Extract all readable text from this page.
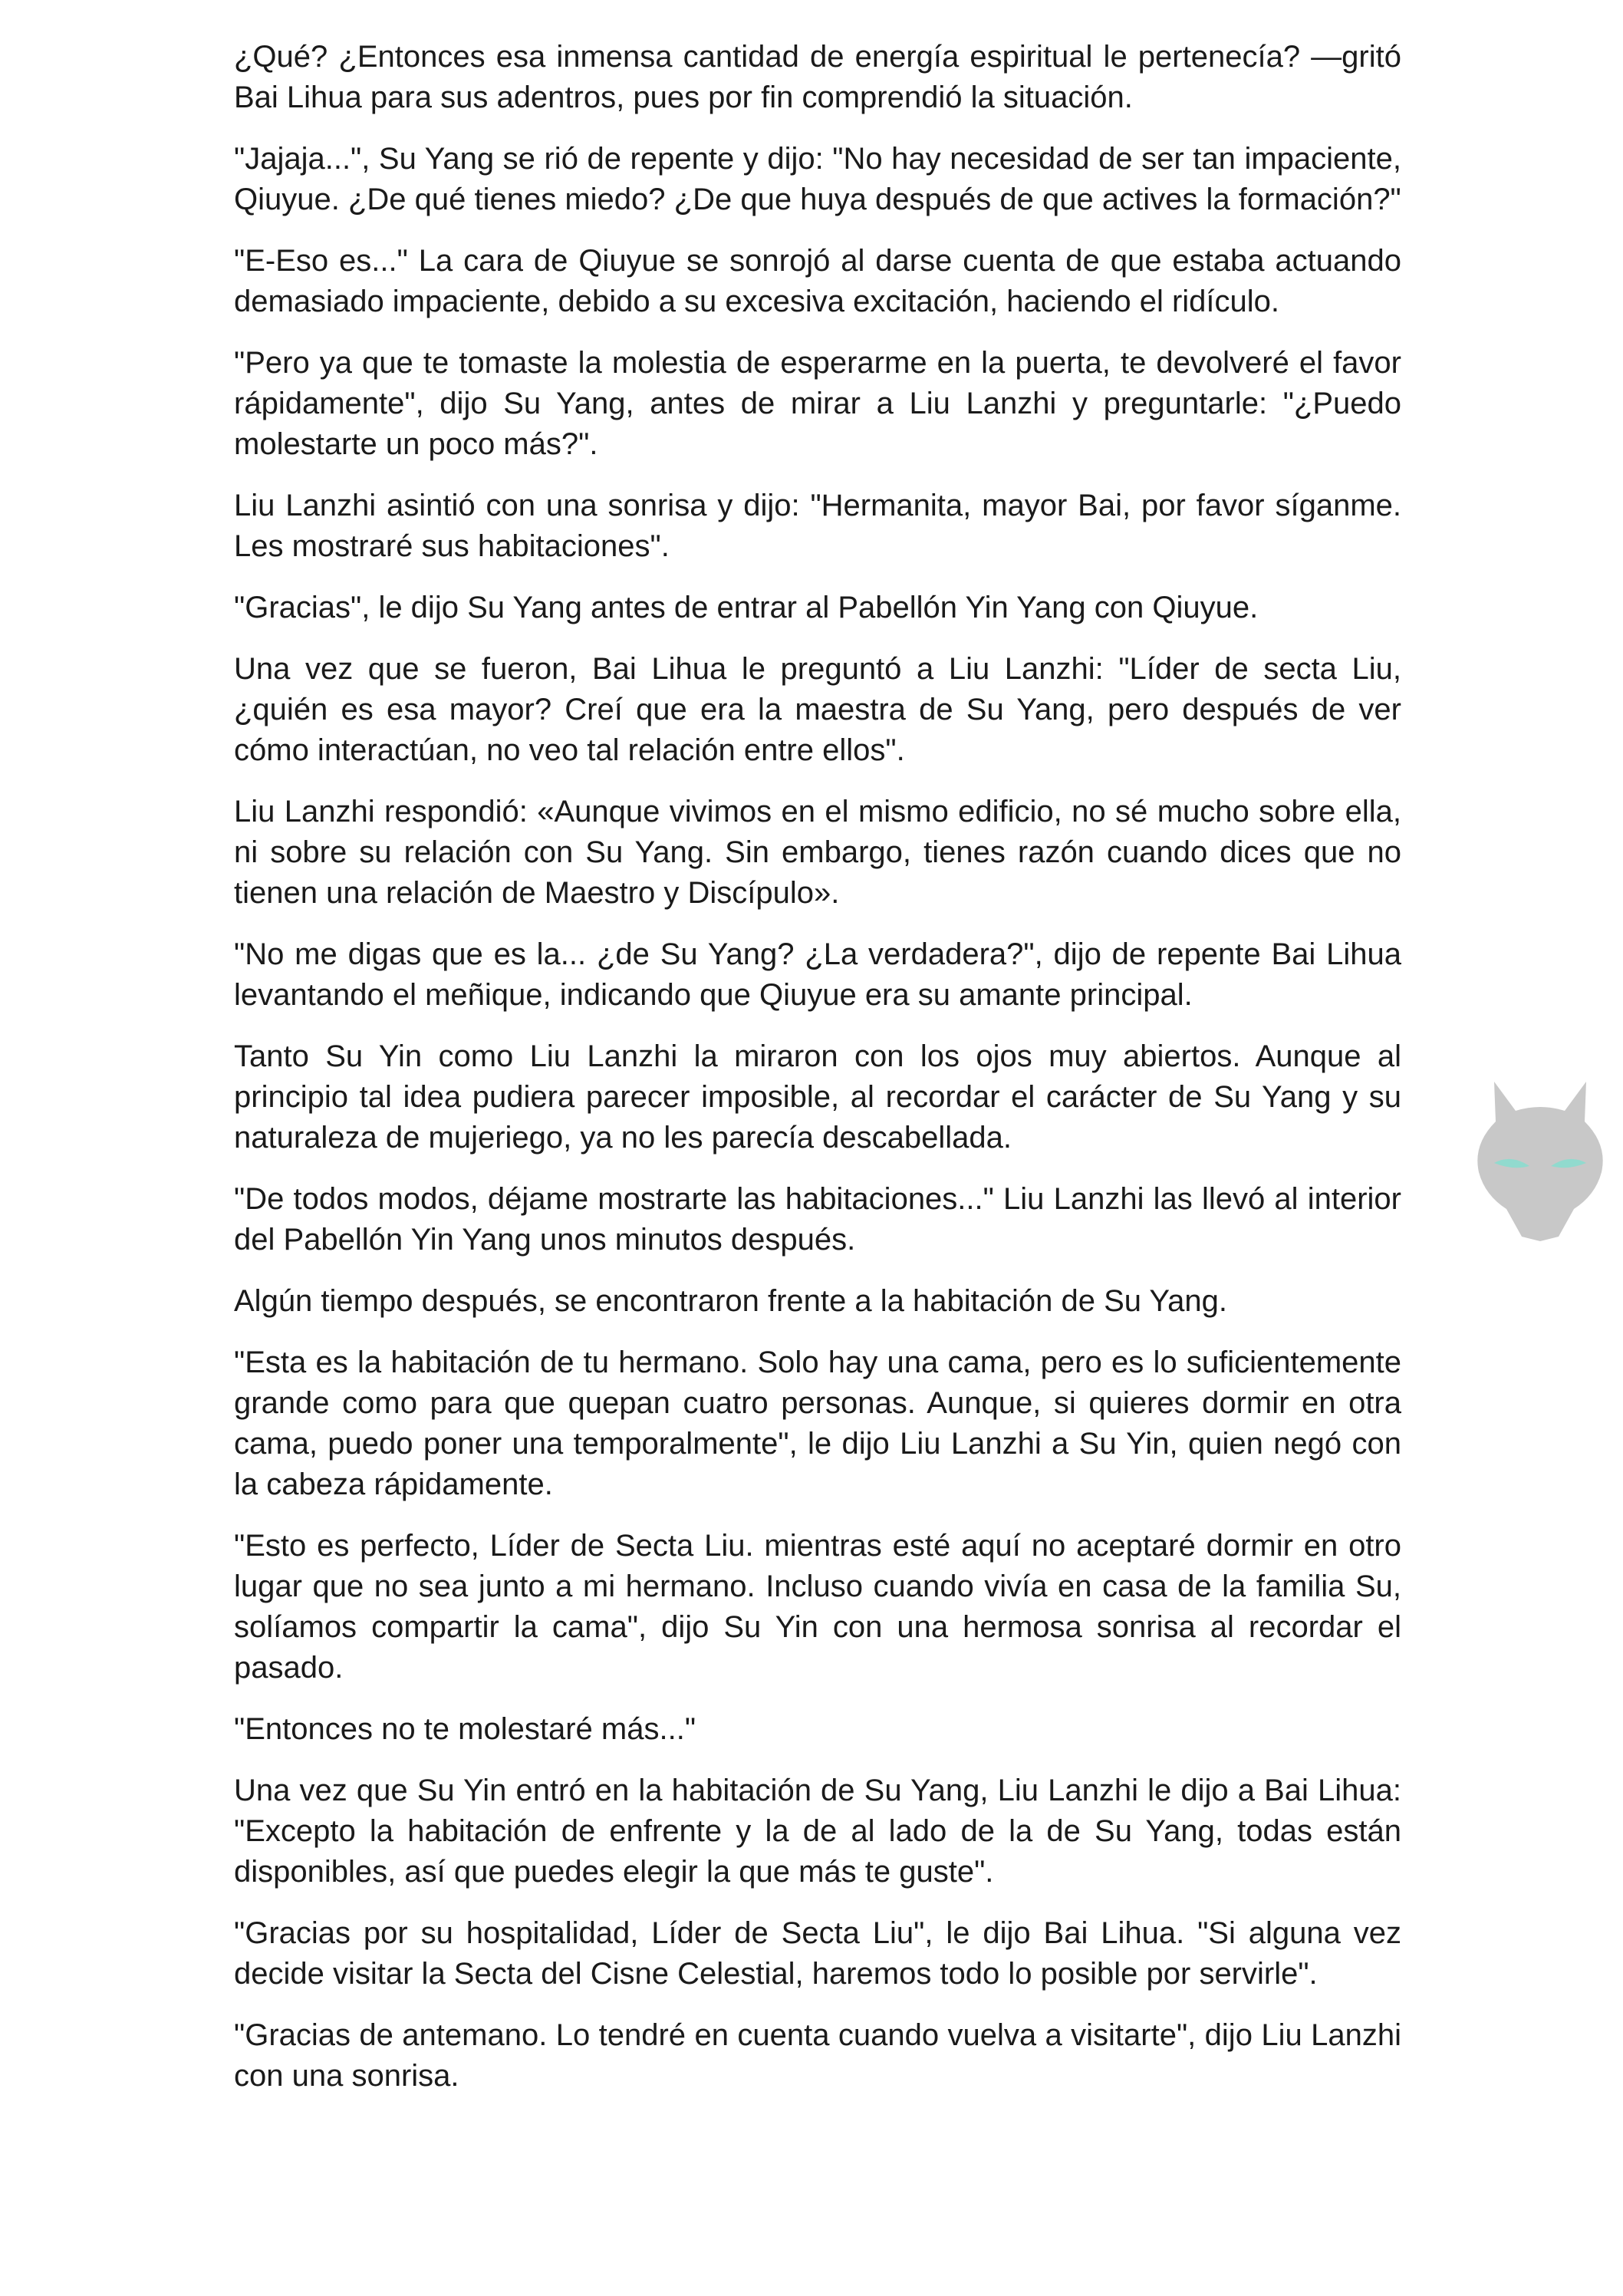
¿Qué? ¿Entonces esa inmensa cantidad de energía espiritual le pertenecía? —gritó Bai Lihua para sus adentros, pues por fin comprendió la situación.

"Jajaja...", Su Yang se rió de repente y dijo: "No hay necesidad de ser tan impaciente, Qiuyue. ¿De qué tienes miedo? ¿De que huya después de que actives la formación?"

"E-Eso es..." La cara de Qiuyue se sonrojó al darse cuenta de que estaba actuando demasiado impaciente, debido a su excesiva excitación, haciendo el ridículo.

"Pero ya que te tomaste la molestia de esperarme en la puerta, te devolveré el favor rápidamente", dijo Su Yang, antes de mirar a Liu Lanzhi y preguntarle: "¿Puedo molestarte un poco más?".

Liu Lanzhi asintió con una sonrisa y dijo: "Hermanita, mayor Bai, por favor síganme. Les mostraré sus habitaciones".

"Gracias", le dijo Su Yang antes de entrar al Pabellón Yin Yang con Qiuyue.

Una vez que se fueron, Bai Lihua le preguntó a Liu Lanzhi: "Líder de secta Liu, ¿quién es esa mayor? Creí que era la maestra de Su Yang, pero después de ver cómo interactúan, no veo tal relación entre ellos".

Liu Lanzhi respondió: «Aunque vivimos en el mismo edificio, no sé mucho sobre ella, ni sobre su relación con Su Yang. Sin embargo, tienes razón cuando dices que no tienen una relación de Maestro y Discípulo».

"No me digas que es la... ¿de Su Yang? ¿La verdadera?", dijo de repente Bai Lihua levantando el meñique, indicando que Qiuyue era su amante principal.

Tanto Su Yin como Liu Lanzhi la miraron con los ojos muy abiertos. Aunque al principio tal idea pudiera parecer imposible, al recordar el carácter de Su Yang y su naturaleza de mujeriego, ya no les parecía descabellada.

"De todos modos, déjame mostrarte las habitaciones..." Liu Lanzhi las llevó al interior del Pabellón Yin Yang unos minutos después.

Algún tiempo después, se encontraron frente a la habitación de Su Yang.

"Esta es la habitación de tu hermano. Solo hay una cama, pero es lo suficientemente grande como para que quepan cuatro personas. Aunque, si quieres dormir en otra cama, puedo poner una temporalmente", le dijo Liu Lanzhi a Su Yin, quien negó con la cabeza rápidamente.

"Esto es perfecto, Líder de Secta Liu. mientras esté aquí no aceptaré dormir en otro lugar que no sea junto a mi hermano. Incluso cuando vivía en casa de la familia Su, solíamos compartir la cama", dijo Su Yin con una hermosa sonrisa al recordar el pasado.

"Entonces no te molestaré más..."

Una vez que Su Yin entró en la habitación de Su Yang, Liu Lanzhi le dijo a Bai Lihua: "Excepto la habitación de enfrente y la de al lado de la de Su Yang, todas están disponibles, así que puedes elegir la que más te guste".

"Gracias por su hospitalidad, Líder de Secta Liu", le dijo Bai Lihua. "Si alguna vez decide visitar la Secta del Cisne Celestial, haremos todo lo posible por servirle".

"Gracias de antemano. Lo tendré en cuenta cuando vuelva a visitarte", dijo Liu Lanzhi con una sonrisa.
